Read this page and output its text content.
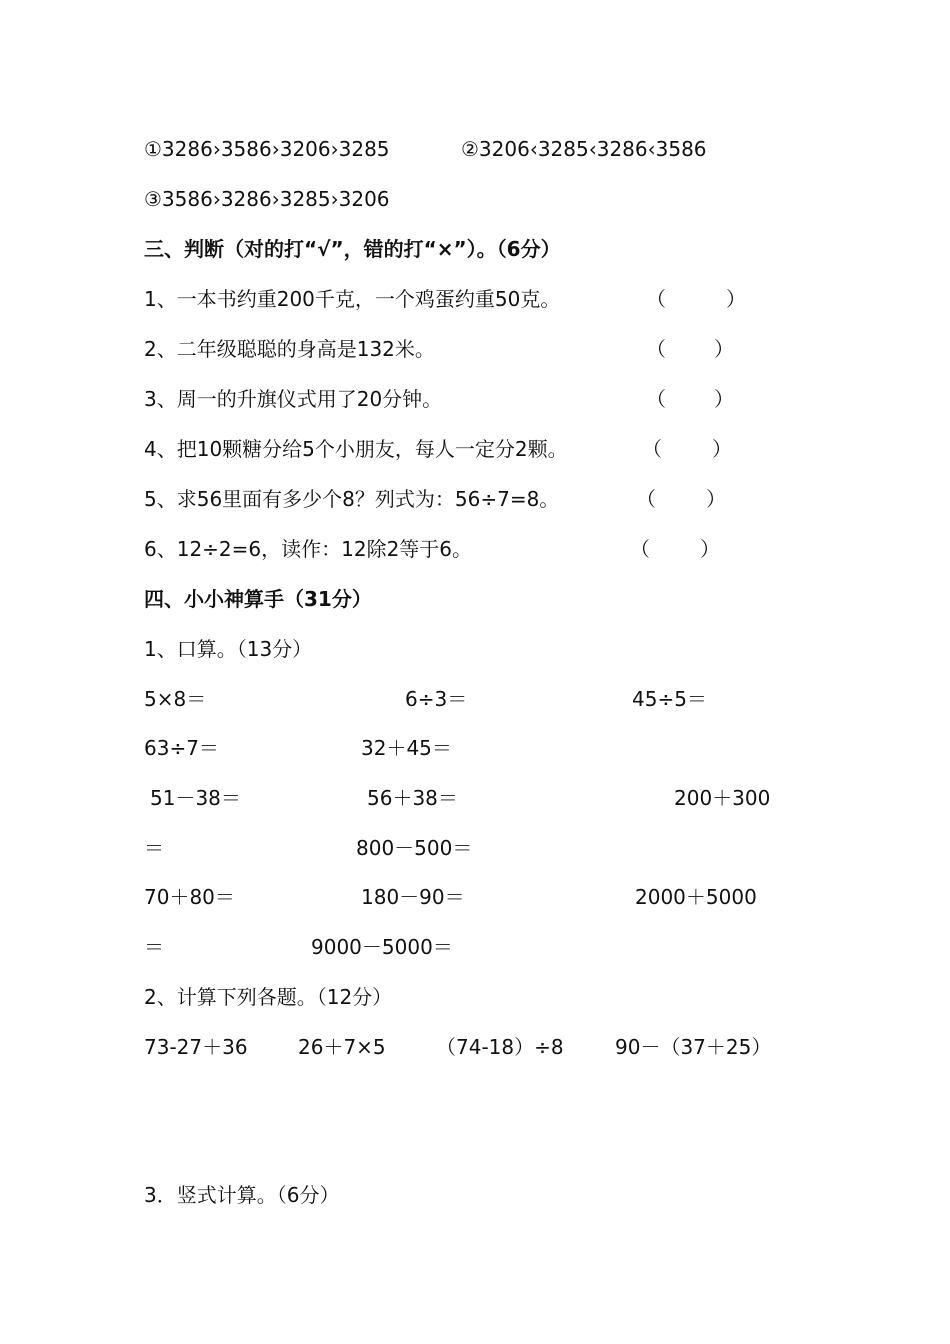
①3286›3586›3206›3285	②3206‹3285‹3286‹3586
③3586›3286›3285›3206
三、判断（对的打“√”，错的打“×”）。（6分）
1、一本书约重200千克，一个鸡蛋约重50克。	（	）
2、二年级聪聪的身高是132米。	（ ）
3、周一的升旗仪式用了20分钟。	（ ）
4、把10颗糖分给5个小朋友，每人一定分2颗。	（	）
5、求56里面有多少个8？列式为：56÷7=8。	（	）
6、12÷2=6，读作：12除2等于6。	（	）
四、小小神算手（31分）
1、口算。（13分）
5×8＝	6÷3＝	45÷5＝
63÷7＝	32＋45＝
51－38＝	56＋38＝	200＋300
＝	800－500＝
70＋80＝	180－90＝	2000＋5000
＝	9000－5000＝
2、计算下列各题。（12分）
73-27＋36	26＋7×5	（74-18）÷8	90－（37＋25）
3．竖式计算。（6分）
